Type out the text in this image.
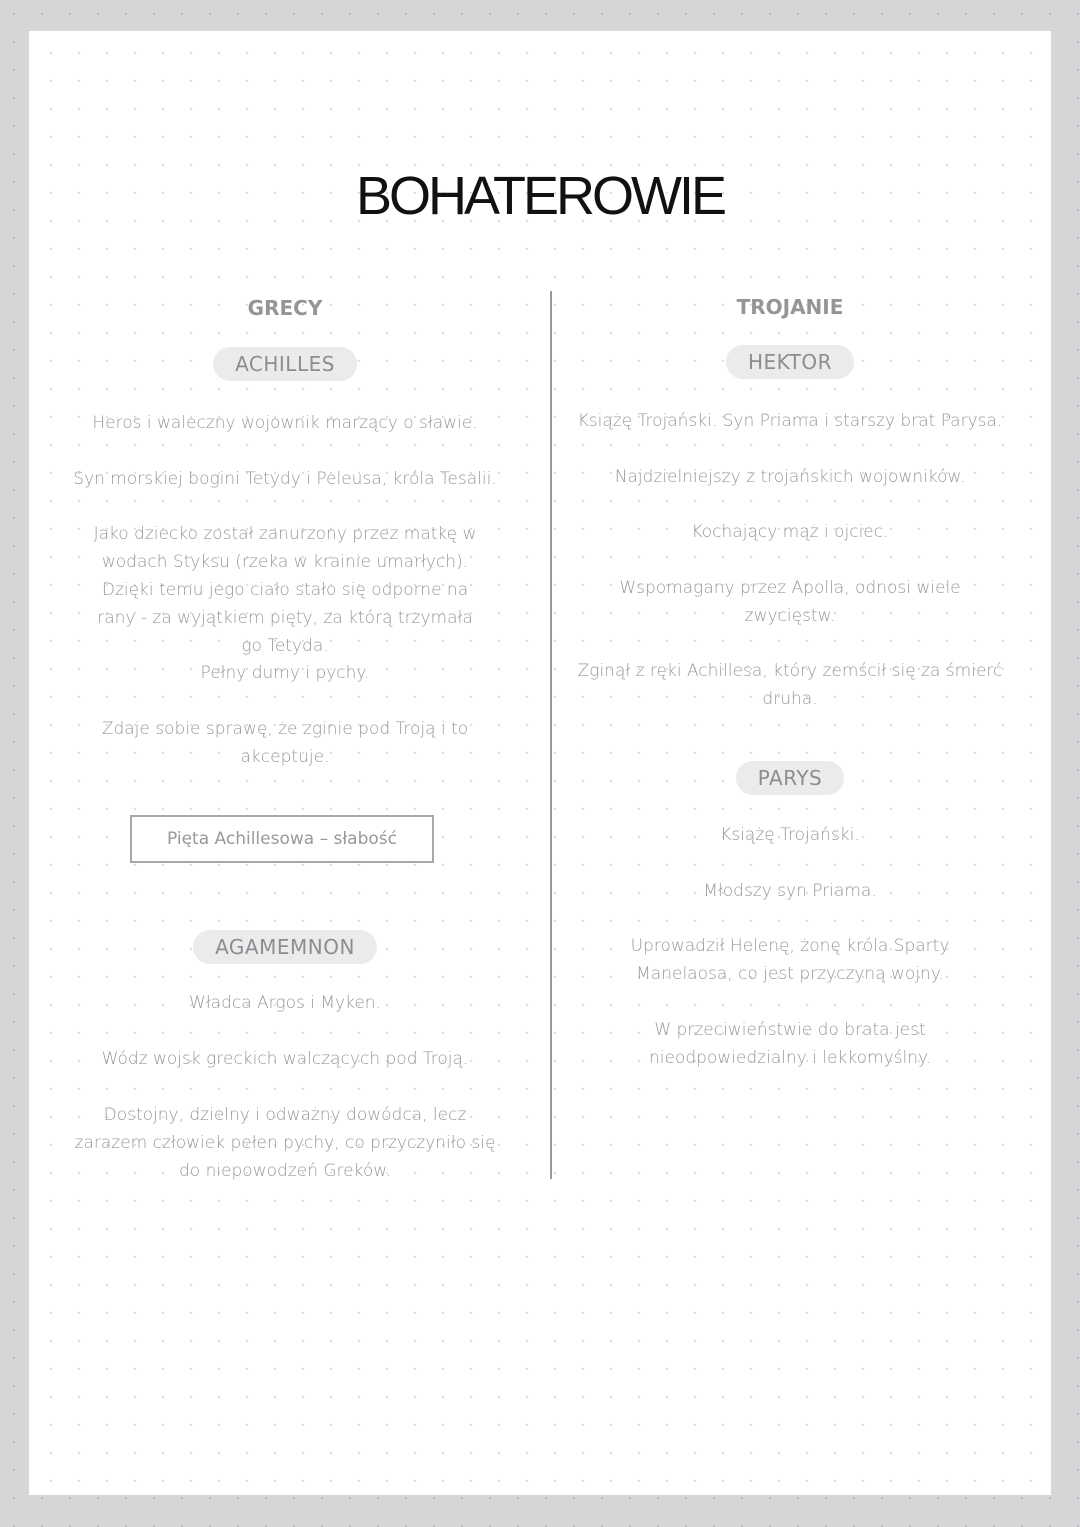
BOHATEROWIE
GRECY
ACHILLES

Heros i waleczny wojownik marzący o sławie.

Syn morskiej bogini Tetydy i Peleusa, króla Tesalii.

Jako dziecko został zanurzony przez matkę w wodach Styksu (rzeka w krainie umarłych). Dzięki temu jego ciało stało się odporne na rany - za wyjątkiem pięty, za którą trzymała go Tetyda.

Pełny dumy i pychy.

Zdaje sobie sprawę, że zginie pod Troją i to akceptuje.

Pięta Achillesowa – słabość
AGAMEMNON

Władca Argos i Myken.

Wódz wojsk greckich walczących pod Troją.

Dostojny, dzielny i odważny dowódca, lecz zarazem człowiek pełen pychy, co przyczyniło się do niepowodzeń Greków.

TROJANIE
HEKTOR

Książę Trojański. Syn Priama i starszy brat Parysa.

Najdzielniejszy z trojańskich wojowników.

Kochający mąż i ojciec.

Wspomagany przez Apolla, odnosi wiele zwycięstw.

Zginął z ręki Achillesa, który zemścił się za śmierć druha.

PARYS

Książę Trojański.

Młodszy syn Priama.

Uprowadził Helenę, żonę króla Sparty Manelaosa, co jest przyczyną wojny.

W przeciwieństwie do brata jest nieodpowiedzialny i lekkomyślny.
